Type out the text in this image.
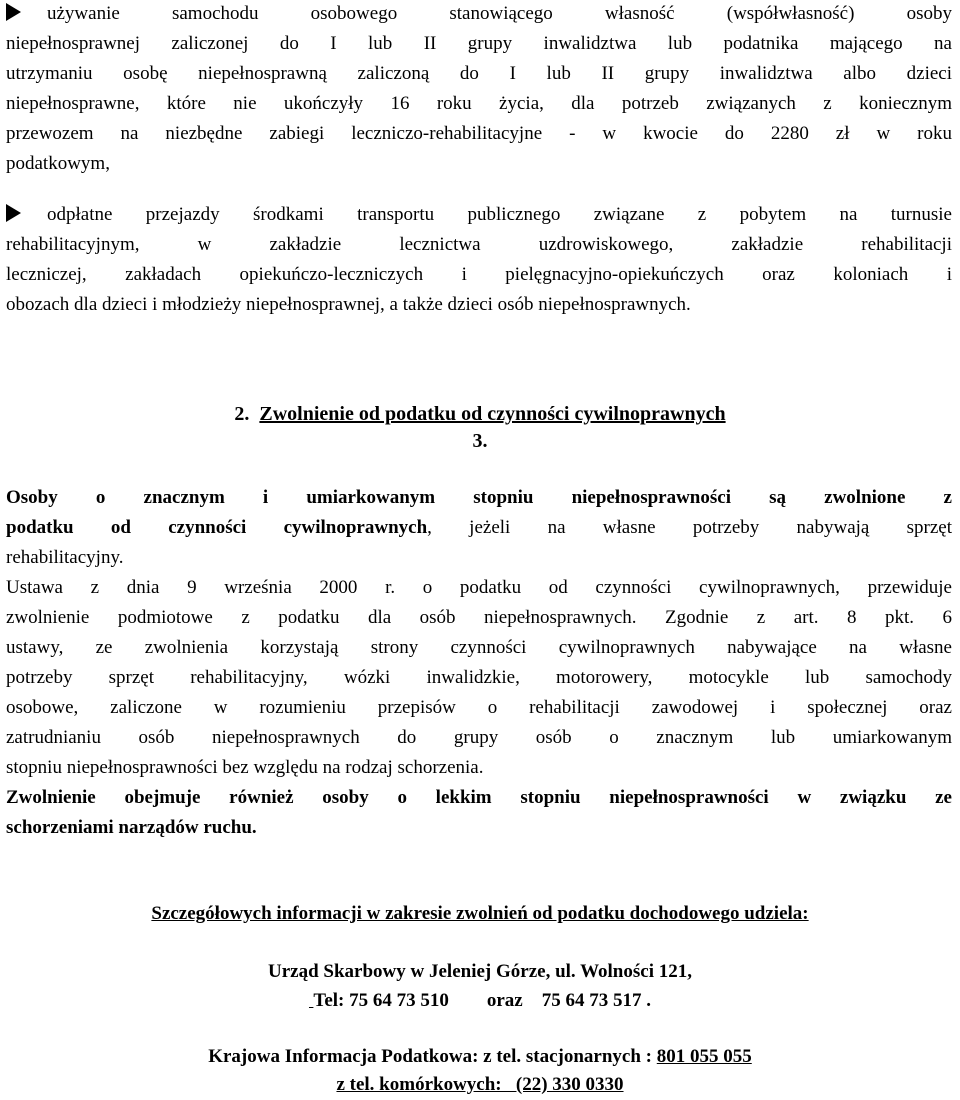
używanie samochodu osobowego stanowiącego własność (współwłasność) osoby
niepełnosprawnej zaliczonej do I lub II grupy inwalidztwa lub podatnika mającego na
utrzymaniu osobę niepełnosprawną zaliczoną do I lub II grupy inwalidztwa albo dzieci
niepełnosprawne, które nie ukończyły 16 roku życia, dla potrzeb związanych z koniecznym
przewozem na niezbędne zabiegi leczniczo-rehabilitacyjne - w kwocie do 2280 zł w roku
podatkowym,
odpłatne przejazdy środkami transportu publicznego związane z pobytem na turnusie
rehabilitacyjnym, w zakładzie lecznictwa uzdrowiskowego, zakładzie rehabilitacji
leczniczej, zakładach opiekuńczo-leczniczych i pielęgnacyjno-opiekuńczych oraz koloniach i
obozach dla dzieci i młodzieży niepełnosprawnej, a także dzieci osób niepełnosprawnych.
2. Zwolnienie od podatku od czynności cywilnoprawnych
3.
Osoby o znacznym i umiarkowanym stopniu niepełnosprawności są zwolnione z
podatku od czynności cywilnoprawnych, jeżeli na własne potrzeby nabywają sprzęt
rehabilitacyjny.
Ustawa z dnia 9 września 2000 r. o podatku od czynności cywilnoprawnych, przewiduje
zwolnienie podmiotowe z podatku dla osób niepełnosprawnych. Zgodnie z art. 8 pkt. 6
ustawy, ze zwolnienia korzystają strony czynności cywilnoprawnych nabywające na własne
potrzeby sprzęt rehabilitacyjny, wózki inwalidzkie, motorowery, motocykle lub samochody
osobowe, zaliczone w rozumieniu przepisów o rehabilitacji zawodowej i społecznej oraz
zatrudnianiu osób niepełnosprawnych do grupy osób o znacznym lub umiarkowanym
stopniu niepełnosprawności bez względu na rodzaj schorzenia.
Zwolnienie obejmuje również osoby o lekkim stopniu niepełnosprawności w związku ze
schorzeniami narządów ruchu.
Szczegółowych informacji w zakresie zwolnień od podatku dochodowego udziela:
Urząd Skarbowy w Jeleniej Górze, ul. Wolności 121,
Tel: 75 64 73 510        oraz    75 64 73 517 .
Krajowa Informacja Podatkowa: z tel. stacjonarnych : 801 055 055
z tel. komórkowych:   (22) 330 0330
